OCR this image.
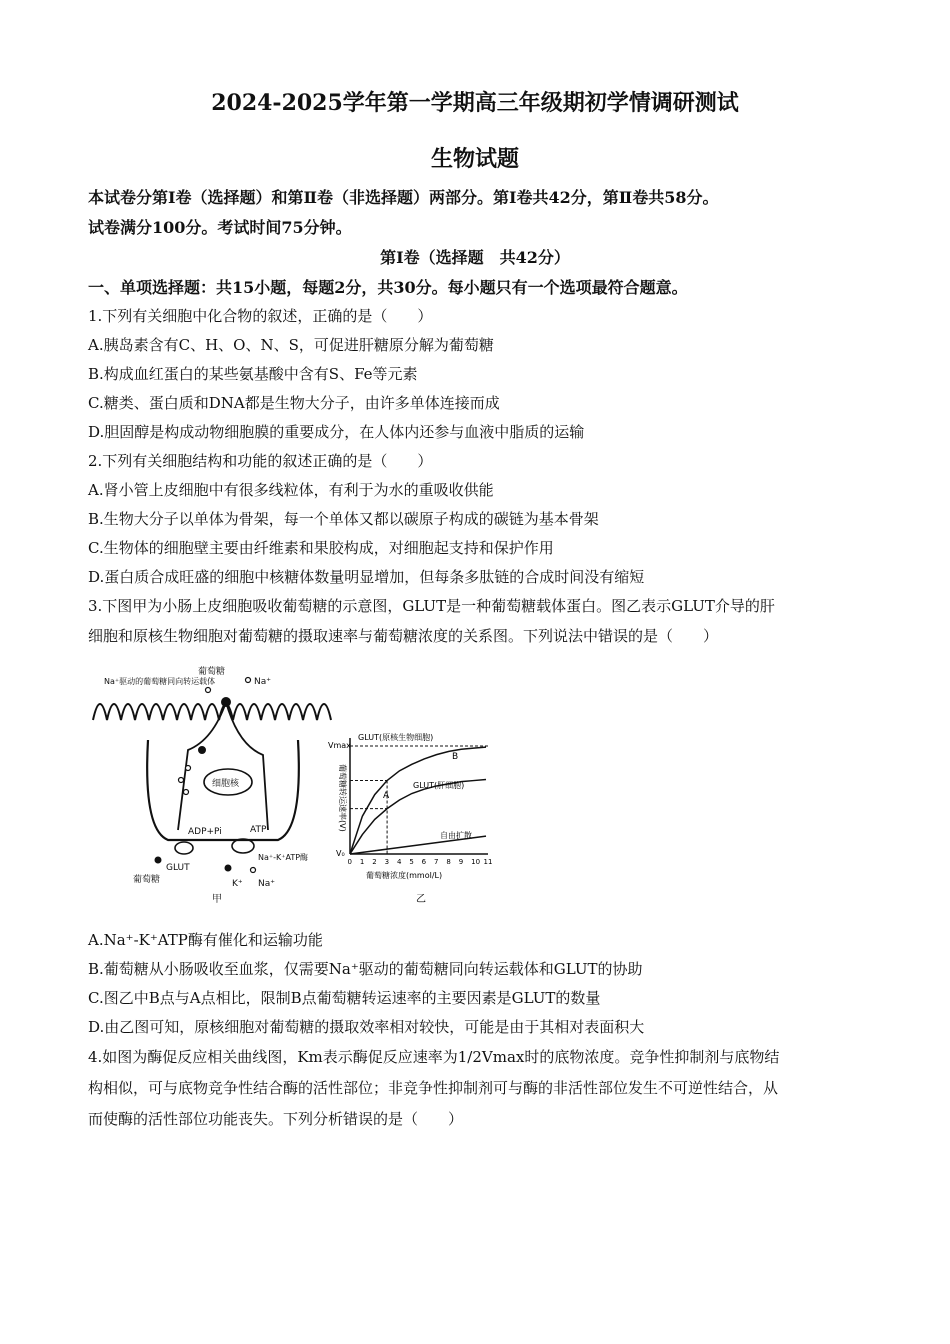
2024-2025学年第一学期高三年级期初学情调研测试
生物试题
本试卷分第Ⅰ卷（选择题）和第Ⅱ卷（非选择题）两部分。第Ⅰ卷共42分，第Ⅱ卷共58分。
试卷满分100分。考试时间75分钟。
第Ⅰ卷（选择题　共42分）
一、单项选择题：共15小题，每题2分，共30分。每小题只有一个选项最符合题意。
1.下列有关细胞中化合物的叙述，正确的是（　　）
A.胰岛素含有C、H、O、N、S，可促进肝糖原分解为葡萄糖
B.构成血红蛋白的某些氨基酸中含有S、Fe等元素
C.糖类、蛋白质和DNA都是生物大分子，由许多单体连接而成
D.胆固醇是构成动物细胞膜的重要成分，在人体内还参与血液中脂质的运输
2.下列有关细胞结构和功能的叙述正确的是（　　）
A.肾小管上皮细胞中有很多线粒体，有利于为水的重吸收供能
B.生物大分子以单体为骨架，每一个单体又都以碳原子构成的碳链为基本骨架
C.生物体的细胞壁主要由纤维素和果胶构成，对细胞起支持和保护作用
D.蛋白质合成旺盛的细胞中核糖体数量明显增加，但每条多肽链的合成时间没有缩短
3.下图甲为小肠上皮细胞吸收葡萄糖的示意图，GLUT是一种葡萄糖载体蛋白。图乙表示GLUT介导的肝
细胞和原核生物细胞对葡萄糖的摄取速率与葡萄糖浓度的关系图。下列说法中错误的是（　　）
葡萄糖
Na⁺
Na⁺驱动的葡萄糖同向转运载体
细胞核
ADP+Pi	ATP
GLUT
Na⁺-K⁺ATP酶
葡萄糖	K⁺ Na⁺
甲
0 1 2 3 4 5 6 7 8 9 10 11
Vmax
V₀
A
B
GLUT(原核生物细胞)
GLUT(肝细胞)
自由扩散
葡萄糖浓度(mmol/L)
葡萄糖转运速率(V)
乙
A.Na⁺-K⁺ATP酶有催化和运输功能
B.葡萄糖从小肠吸收至血浆，仅需要Na⁺驱动的葡萄糖同向转运载体和GLUT的协助
C.图乙中B点与A点相比，限制B点葡萄糖转运速率的主要因素是GLUT的数量
D.由乙图可知，原核细胞对葡萄糖的摄取效率相对较快，可能是由于其相对表面积大
4.如图为酶促反应相关曲线图，Km表示酶促反应速率为1/2Vmax时的底物浓度。竞争性抑制剂与底物结
构相似，可与底物竞争性结合酶的活性部位；非竞争性抑制剂可与酶的非活性部位发生不可逆性结合，从
而使酶的活性部位功能丧失。下列分析错误的是（　　）
